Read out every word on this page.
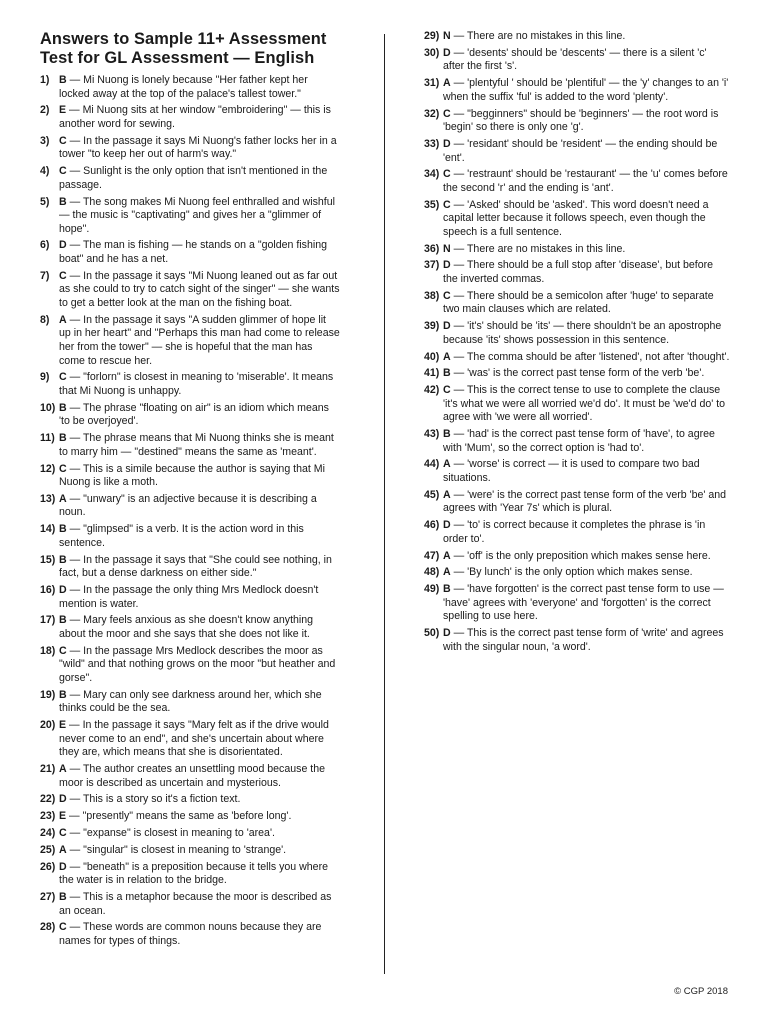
Answers to Sample 11+ Assessment Test for GL Assessment — English
1) B — Mi Nuong is lonely because "Her father kept her locked away at the top of the palace's tallest tower."
2) E — Mi Nuong sits at her window "embroidering" — this is another word for sewing.
3) C — In the passage it says Mi Nuong's father locks her in a tower "to keep her out of harm's way."
4) C — Sunlight is the only option that isn't mentioned in the passage.
5) B — The song makes Mi Nuong feel enthralled and wishful — the music is "captivating" and gives her a "glimmer of hope".
6) D — The man is fishing — he stands on a "golden fishing boat" and he has a net.
7) C — In the passage it says "Mi Nuong leaned out as far out as she could to try to catch sight of the singer" — she wants to get a better look at the man on the fishing boat.
8) A — In the passage it says "A sudden glimmer of hope lit up in her heart" and "Perhaps this man had come to release her from the tower" — she is hopeful that the man has come to rescue her.
9) C — "forlorn" is closest in meaning to 'miserable'. It means that Mi Nuong is unhappy.
10) B — The phrase "floating on air" is an idiom which means 'to be overjoyed'.
11) B — The phrase means that Mi Nuong thinks she is meant to marry him — "destined" means the same as 'meant'.
12) C — This is a simile because the author is saying that Mi Nuong is like a moth.
13) A — "unwary" is an adjective because it is describing a noun.
14) B — "glimpsed" is a verb. It is the action word in this sentence.
15) B — In the passage it says that "She could see nothing, in fact, but a dense darkness on either side."
16) D — In the passage the only thing Mrs Medlock doesn't mention is water.
17) B — Mary feels anxious as she doesn't know anything about the moor and she says that she does not like it.
18) C — In the passage Mrs Medlock describes the moor as "wild" and that nothing grows on the moor "but heather and gorse".
19) B — Mary can only see darkness around her, which she thinks could be the sea.
20) E — In the passage it says "Mary felt as if the drive would never come to an end", and she's uncertain about where they are, which means that she is disorientated.
21) A — The author creates an unsettling mood because the moor is described as uncertain and mysterious.
22) D — This is a story so it's a fiction text.
23) E — "presently" means the same as 'before long'.
24) C — "expanse" is closest in meaning to 'area'.
25) A — "singular" is closest in meaning to 'strange'.
26) D — "beneath" is a preposition because it tells you where the water is in relation to the bridge.
27) B — This is a metaphor because the moor is described as an ocean.
28) C — These words are common nouns because they are names for types of things.
29) N — There are no mistakes in this line.
30) D — 'desents' should be 'descents' — there is a silent 'c' after the first 's'.
31) A — 'plentyful ' should be 'plentiful' — the 'y' changes to an 'i' when the suffix 'ful' is added to the word 'plenty'.
32) C — "begginners" should be 'beginners' — the root word is 'begin' so there is only one 'g'.
33) D — 'residant' should be 'resident' — the ending should be 'ent'.
34) C — 'restraunt' should be 'restaurant' — the 'u' comes before the second 'r' and the ending is 'ant'.
35) C — 'Asked' should be 'asked'. This word doesn't need a capital letter because it follows speech, even though the speech is a full sentence.
36) N — There are no mistakes in this line.
37) D — There should be a full stop after 'disease', but before the inverted commas.
38) C — There should be a semicolon after 'huge' to separate two main clauses which are related.
39) D — 'it's' should be 'its' — there shouldn't be an apostrophe because 'its' shows possession in this sentence.
40) A — The comma should be after 'listened', not after 'thought'.
41) B — 'was' is the correct past tense form of the verb 'be'.
42) C — This is the correct tense to use to complete the clause 'it's what we were all worried we'd do'. It must be 'we'd do' to agree with 'we were all worried'.
43) B — 'had' is the correct past tense form of 'have', to agree with 'Mum', so the correct option is 'had to'.
44) A — 'worse' is correct — it is used to compare two bad situations.
45) A — 'were' is the correct past tense form of the verb 'be' and agrees with 'Year 7s' which is plural.
46) D — 'to' is correct because it completes the phrase is 'in order to'.
47) A — 'off' is the only preposition which makes sense here.
48) A — 'By lunch' is the only option which makes sense.
49) B — 'have forgotten' is the correct past tense form to use — 'have' agrees with 'everyone' and 'forgotten' is the correct spelling to use here.
50) D — This is the correct past tense form of 'write' and agrees with the singular noun, 'a word'.
© CGP 2018
